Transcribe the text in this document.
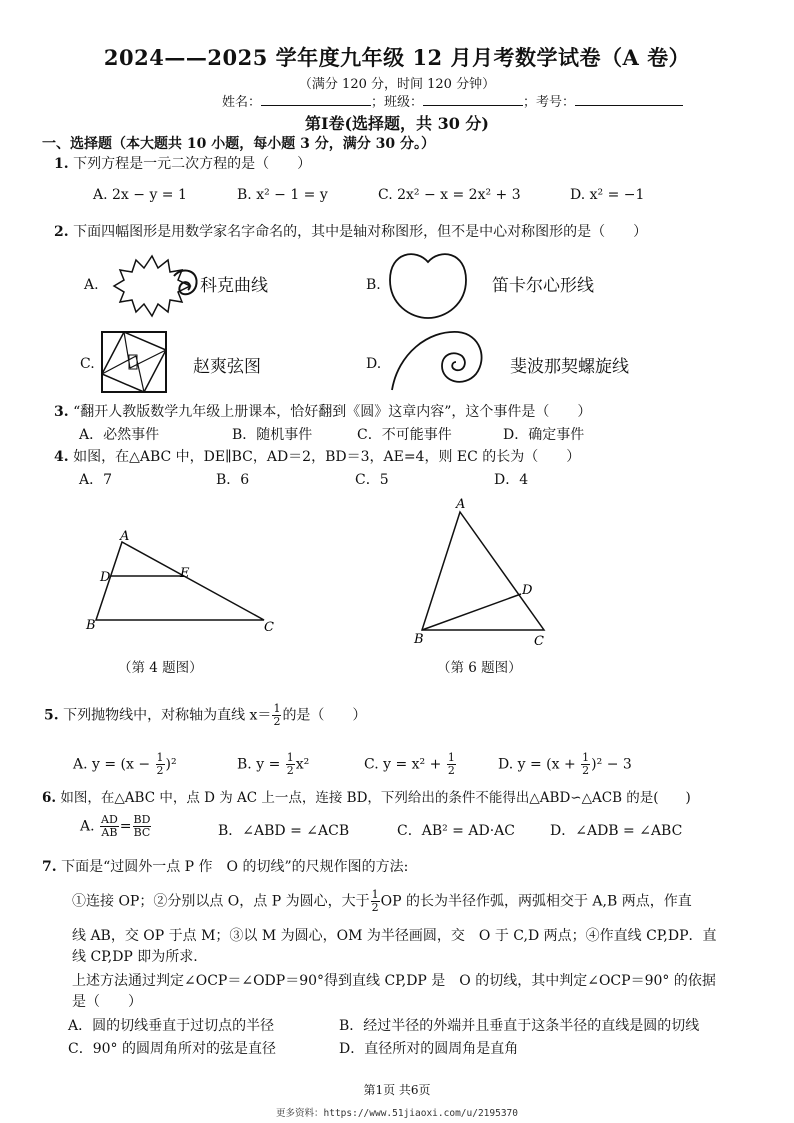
2024——2025 学年度九年级 12 月月考数学试卷（A 卷）
（满分 120 分，时间 120 分钟）
姓名：	；班级：	；考号：
第Ⅰ卷(选择题，共 30 分)
一、选择题（本大题共 10 小题，每小题 3 分，满分 30 分。）
1. 下列方程是一元二次方程的是（　　）
A. 2x − y = 1	B. x² − 1 = y	C. 2x² − x = 2x² + 3	D. x² = −1
2. 下面四幅图形是用数学家名字命名的，其中是轴对称图形，但不是中心对称图形的是（　　）
A.	科克曲线	B.	笛卡尔心形线
C.	赵爽弦图	D.	斐波那契螺旋线
3. “翻开人教版数学九年级上册课本，恰好翻到《圆》这章内容”，这个事件是（　　）
A．必然事件	B．随机事件	C．不可能事件	D．确定事件
4. 如图，在△ABC 中，DE∥BC，AD＝2，BD＝3，AE=4，则 EC 的长为（　　）
A．7	B．6	C．5	D．4
A
D	E
B	C
（第 4 题图）
A
D
B	C
（第 6 题图）
5. 下列抛物线中，对称轴为直线 $x= \frac{1}{2}$ 的是（　　）
A. $y = (x - \frac{1}{2} )^2$	B. $y = \frac{1}{2} x^2$	C. $y = x^2 + \frac{1}{2}$	D. $y = (x + \frac{1}{2} )^2 - 3$
6. 如图，在△ABC 中，点 D 为 AC 上一点，连接 BD，下列给出的条件不能得出△ABD∽△ACB 的是(　　)
A. $\frac{AD}{AB} = \frac{BD}{BC}$	B．∠ABD = ∠ACB	C．AB² = AD·AC	D．∠ADB = ∠ABC
7. 下面是“过圆外一点 P 作　O 的切线”的尺规作图的方法:
①连接 OP；②分别以点 O，点 P 为圆心，大于 $\frac{1}{2}$ OP 的长为半径作弧，两弧相交于 A,B 两点，作直
线 AB，交 OP 于点 M；③以 M 为圆心，OM 为半径画圆，交　O 于 C,D 两点；④作直线 CP,DP．直
线 CP,DP 即为所求.
上述方法通过判定∠OCP＝∠ODP＝90°得到直线 CP,DP 是　O 的切线，其中判定∠OCP＝90° 的依据
是（　　）
A．圆的切线垂直于过切点的半径	B．经过半径的外端并且垂直于这条半径的直线是圆的切线
C．90° 的圆周角所对的弦是直径	D．直径所对的圆周角是直角
第1页 共6页
更多资料：https://www.51jiaoxi.com/u/2195370
